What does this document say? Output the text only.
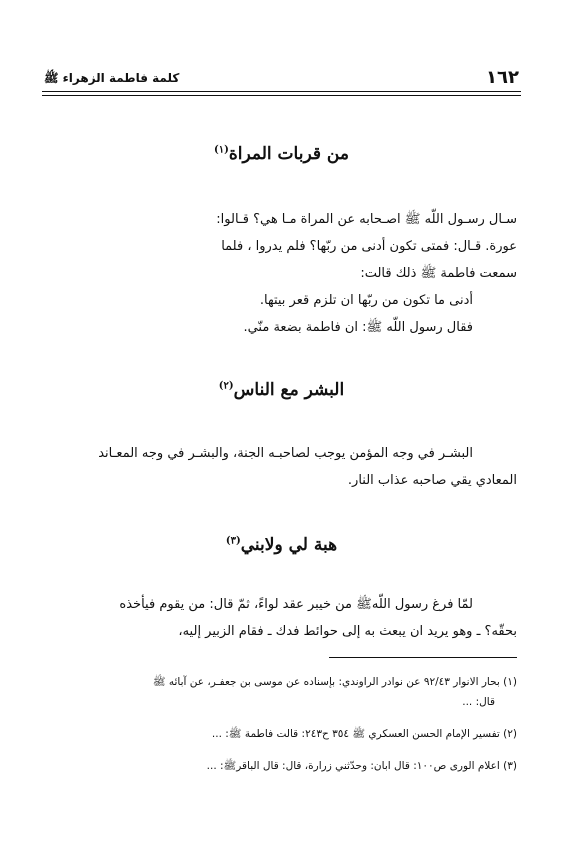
١٦٢
كلمة فاطمة الزهراء ﷺ
من قربات المراة$^{(١)}$
سـال رسـول اللّه ﷺ اصـحابه عن المراة مـا هي؟ قـالوا:
عورة. قـال: فمتى تكون أدنى من ربّها؟ فلم يدروا ، فلما
سمعت فاطمة ﷺ ذلك قالت:
أدنى ما تكون من ربّها ان تلزم قعر بيتها.
فقال رسول اللّه ﷺ: ان فاطمة بضعة منّي.
البشر مع الناس$^{(٢)}$
البشـر في وجه المؤمن يوجب لصاحبـه الجنة، والبشـر في وجه المعـاند
المعادي يقي صاحبه عذاب النار.
هبة لي ولابني$^{(٣)}$
لمّا فرغ رسول اللّهﷺ من خيبر عقد لواءً، ثمّ قال: من يقوم فيأخذه
بحقّه؟ ـ وهو يريد ان يبعث به إلى حوائط فدك ـ فقام الزبير إليه،
(١) بحار الانوار ٩٢/٤٣ عن نوادر الراوندي: بإسناده عن موسى بن جعفـر، عن آبائه ﷺ
قال: ...
(٢) تفسير الإمام الحسن العسكري ﷺ ٣٥٤ ح٢٤٣: قالت فاطمة ﷺ: ...
(٣) اعلام الورى ص١٠٠: قال ابان: وحدّثني زرارة، قال: قال الباقرﷺ: ...
